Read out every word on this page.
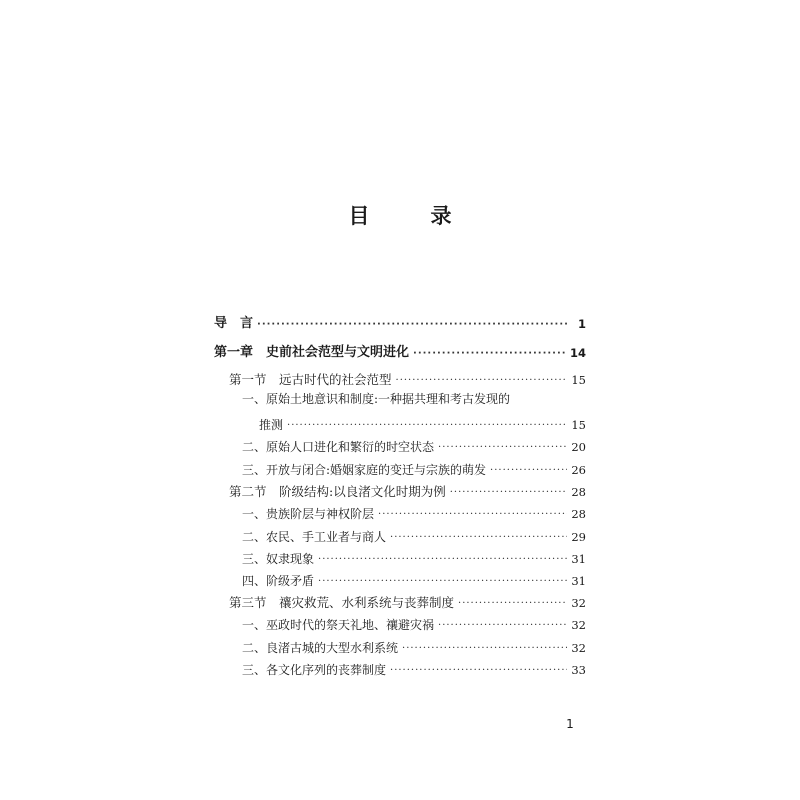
目　录
导　言 ·····	1
第一章　史前社会范型与文明进化 ·····	14
第一节　远古时代的社会范型 ·····	15
一、原始土地意识和制度:一种据共理和考古发现的
推测 ·····	15
二、原始人口进化和繁衍的时空状态 ·····	20
三、开放与闭合:婚姻家庭的变迁与宗族的萌发 ·····	26
第二节　阶级结构:以良渚文化时期为例 ·····	28
一、贵族阶层与神权阶层 ·····	28
二、农民、手工业者与商人 ·····	29
三、奴隶现象 ·····	31
四、阶级矛盾 ·····	31
第三节　禳灾救荒、水利系统与丧葬制度 ·····	32
一、巫政时代的祭天礼地、禳避灾祸 ·····	32
二、良渚古城的大型水利系统 ·····	32
三、各文化序列的丧葬制度 ·····	33
1
